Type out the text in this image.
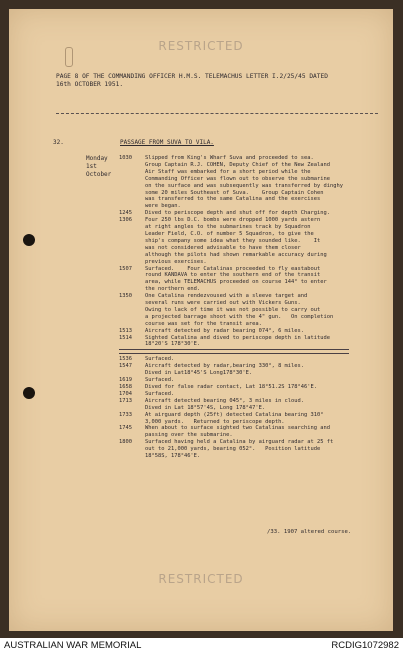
RESTRICTED
PAGE 8 OF THE COMMANDING OFFICER H.M.S. TELEMACHUS LETTER I.2/25/45 DATED
16th OCTOBER 1951.
32.	PASSAGE FROM SUVA TO VILA.
Monday
1st
October
1030	Slipped from King's Wharf Suva and proceeded to sea.
Group Captain R.J. COHEN, Deputy Chief of the New Zealand
Air Staff was embarked for a short period while the
Commanding Officer was flown out to observe the submarine
on the surface and was subsequently was transferred by dinghy
some 20 miles Southeast of Suva.    Group Captain Cohen
was transferred to the same Catalina and the exercises
were began.
1245	Dived to periscope depth and shut off for depth Charging.
1306	Four 250 lbs D.C. bombs were dropped 1000 yards astern
at right angles to the submarines track by Squadron
Leader Field, C.O. of number 5 Squadron, to give the
ship's company some idea what they sounded like.    It
was not considered advisable to have them closer
although the pilots had shown remarkable accuracy during
previous exercises.
1507	Surfaced.    Four Catalinas proceeded to fly eastabout
round KANDAVA to enter the southern end of the transit
area, while TELEMACHUS proceeded on course 144° to enter
the northern end.
1350	One Catalina rendezvoused with a sleeve target and
several runs were carried out with Vickers Guns.
Owing to lack of time it was not possible to carry out
a projected barrage shoot with the 4" gun.   On completion
course was set for the transit area.
1513	Aircraft detected by radar bearing 074°, 6 miles.
1514	Sighted Catalina and dived to periscope depth in latitude
18°20'S 178°30'E.
1536	Surfaced.
1547	Aircraft detected by radar,bearing 330°, 8 miles.
Dived in Lat18°45'S Long178°30'E.
1619	Surfaced.
1658	Dived for false radar contact, Lat 18°51.2S 178°46'E.
1704	Surfaced.
1713	Aircraft detected bearing 045°, 3 miles in cloud.
Dived in Lat 18°57'4S, Long 178°47'E.
1733	At airguard depth (25ft) detected Catalina bearing 310°
3,000 yards.   Returned to periscope depth.
1745	When about to surface sighted two Catalinas searching and
passing over the submarine.
1800	Surfaced having held a Catalina by airguard radar at 25 ft
out to 21,000 yards, bearing 052°.   Position latitude
18°58S, 178°46'E.
/33. 1907 altered course.
RESTRICTED
AUSTRALIAN WAR MEMORIAL	RCDIG1072982
